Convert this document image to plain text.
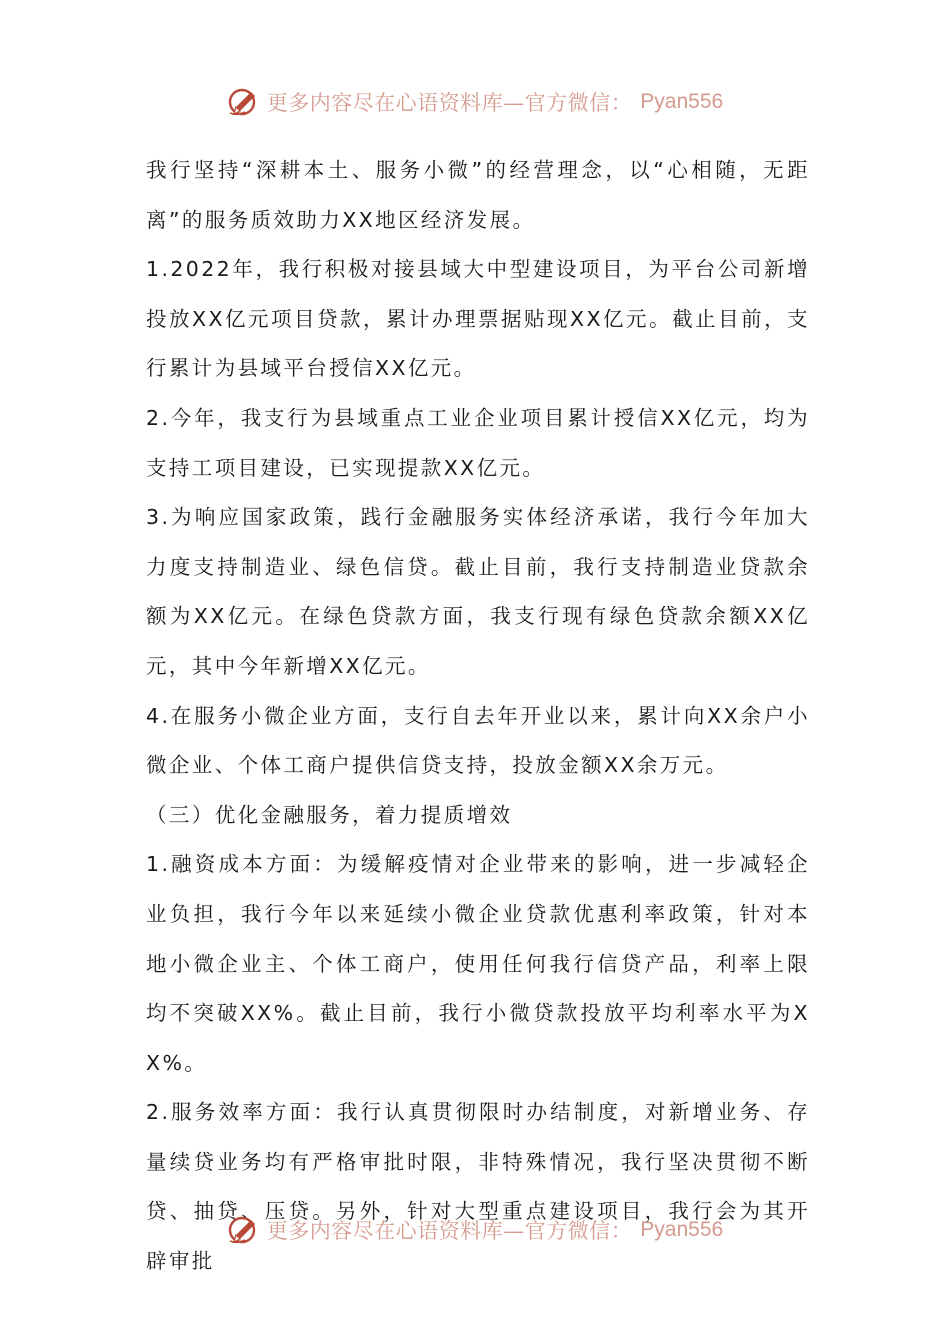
更多内容尽在心语资料库—官方微信： Pyan556

我行坚持“深耕本土、服务小微”的经营理念，以“心相随，无距离”的服务质效助力XX地区经济发展。

1.2022年，我行积极对接县域大中型建设项目，为平台公司新增投放XX亿元项目贷款，累计办理票据贴现XX亿元。截止目前，支行累计为县域平台授信XX亿元。

2.今年，我支行为县域重点工业企业项目累计授信XX亿元，均为支持工项目建设，已实现提款XX亿元。

3.为响应国家政策，践行金融服务实体经济承诺，我行今年加大力度支持制造业、绿色信贷。截止目前，我行支持制造业贷款余额为XX亿元。在绿色贷款方面，我支行现有绿色贷款余额XX亿元，其中今年新增XX亿元。

4.在服务小微企业方面，支行自去年开业以来，累计向XX余户小微企业、个体工商户提供信贷支持，投放金额XX余万元。

（三）优化金融服务，着力提质增效

1.融资成本方面：为缓解疫情对企业带来的影响，进一步减轻企业负担，我行今年以来延续小微企业贷款优惠利率政策，针对本地小微企业主、个体工商户，使用任何我行信贷产品，利率上限均不突破XX%。截止目前，我行小微贷款投放平均利率水平为XX%。

2.服务效率方面：我行认真贯彻限时办结制度，对新增业务、存量续贷业务均有严格审批时限，非特殊情况，我行坚决贯彻不断贷、抽贷、压贷。另外，针对大型重点建设项目，我行会为其开辟审批

更多内容尽在心语资料库—官方微信： Pyan556
